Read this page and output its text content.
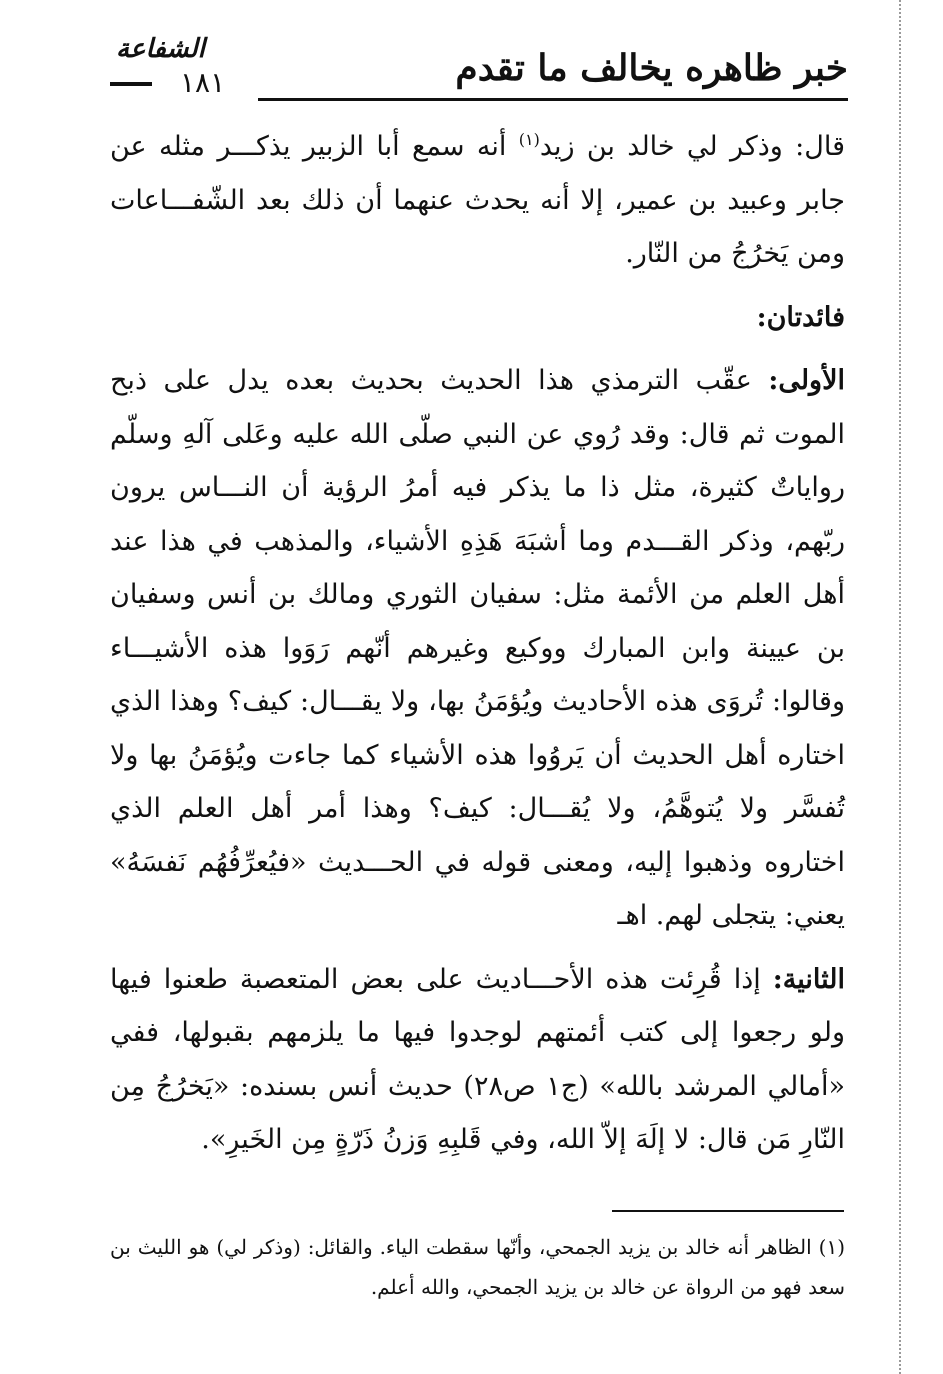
خبر ظاهره يخالف ما تقدم
الشفاعة
١٨١

قال: وذكر لي خالد بن زيد$^{(١)}$ أنه سمع أبا الزبير يذكـــر مثله عن جابر وعبيد بن عمير، إلا أنه يحدث عنهما أن ذلك بعد الشّفـــاعات ومن يَخرُجُ من النّار.

فائدتان:

الأولى: عقّب الترمذي هذا الحديث بحديث بعده يدل على ذبح الموت ثم قال: وقد رُوي عن النبي صلّى الله عليه وعَلى آلهِ وسلّم رواياتٌ كثيرة، مثل ذا ما يذكر فيه أمرُ الرؤية أن النـــاس يرون ربّهم، وذكر القـــدم وما أشبَهَ هَذِهِ الأشياء، والمذهب في هذا عند أهل العلم من الأئمة مثل: سفيان الثوري ومالك بن أنس وسفيان بن عيينة وابن المبارك ووكيع وغيرهم أنّهم رَوَوا هذه الأشيـــاء وقالوا: تُروَى هذه الأحاديث ويُؤمَنُ بها، ولا يقـــال: كيف؟ وهذا الذي اختاره أهل الحديث أن يَروُوا هذه الأشياء كما جاءت ويُؤمَنُ بها ولا تُفسَّر ولا يُتوهَّمُ، ولا يُقـــال: كيف؟ وهذا أمر أهل العلم الذي اختاروه وذهبوا إليه، ومعنى قوله في الحـــديث «فيُعرِّفُهُم نَفسَهُ» يعني: يتجلى لهم. اهـ

الثانية: إذا قُرِئت هذه الأحـــاديث على بعض المتعصبة طعنوا فيها ولو رجعوا إلى كتب أئمتهم لوجدوا فيها ما يلزمهم بقبولها، ففي «أمالي المرشد بالله» (ج١ ص٢٨) حديث أنس بسنده: «يَخرُجُ مِن النّارِ مَن قال: لا إلَهَ إلاّ الله، وفي قَلبِهِ وَزنُ ذَرّةٍ مِن الخَيرِ».

(١) الظاهر أنه خالد بن يزيد الجمحي، وأنّها سقطت الياء. والقائل: (وذكر لي) هو الليث بن سعد فهو من الرواة عن خالد بن يزيد الجمحي، والله أعلم.
